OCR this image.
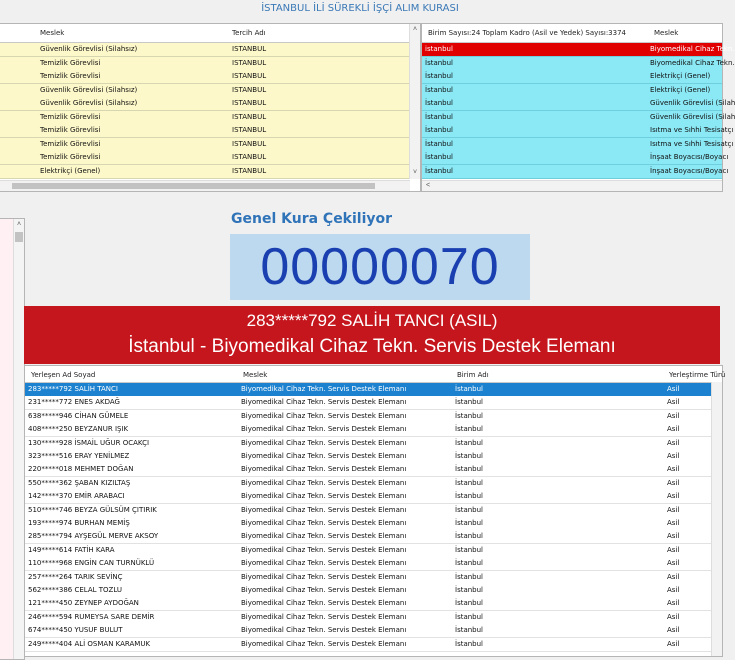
İSTANBUL İLİ SÜREKLİ İŞÇİ ALIM KURASI
Meslek	Tercih Adı
Güvenlik Görevlisi (Silahsız)	ISTANBUL
Temizlik Görevlisi	ISTANBUL
Temizlik Görevlisi	ISTANBUL
Güvenlik Görevlisi (Silahsız)	ISTANBUL
Güvenlik Görevlisi (Silahsız)	ISTANBUL
Temizlik Görevlisi	ISTANBUL
Temizlik Görevlisi	ISTANBUL
Temizlik Görevlisi	ISTANBUL
Temizlik Görevlisi	ISTANBUL
Elektrikçi (Genel)	ISTANBUL
˄
˅
Birim Sayısı:24 Toplam Kadro (Asil ve Yedek) Sayısı:3374	Meslek
istanbul	Biyomedikal Cihaz Tekn.
İstanbul	Biyomedikal Cihaz Tekn.
İstanbul	Elektrikçi (Genel)
İstanbul	Elektrikçi (Genel)
İstanbul	Güvenlik Görevlisi (Silah
İstanbul	Güvenlik Görevlisi (Silah
İstanbul	Isıtma ve Sıhhi Tesisatçı
İstanbul	Isıtma ve Sıhhi Tesisatçı
İstanbul	İnşaat Boyacısı/Boyacı
İstanbul	İnşaat Boyacısı/Boyacı
<
˄	Genel Kura Çekiliyor
00000070
283*****792 SALİH TANCI (ASIL)
İstanbul - Biyomedikal Cihaz Tekn. Servis Destek Elemanı
Yerleşen Ad Soyad	Meslek	Birim Adı	Yerleştirme Türü
283*****792 SALİH TANCI	Biyomedikal Cihaz Tekn. Servis Destek Elemanı	İstanbul	Asil
231*****772 ENES AKDAĞ	Biyomedikal Cihaz Tekn. Servis Destek Elemanı	İstanbul	Asil
638*****946 CİHAN GÜMELE	Biyomedikal Cihaz Tekn. Servis Destek Elemanı	İstanbul	Asil
408*****250 BEYZANUR IŞIK	Biyomedikal Cihaz Tekn. Servis Destek Elemanı	İstanbul	Asil
130*****928 İSMAİL UĞUR OCAKÇI	Biyomedikal Cihaz Tekn. Servis Destek Elemanı	İstanbul	Asil
323*****516 ERAY YENİLMEZ	Biyomedikal Cihaz Tekn. Servis Destek Elemanı	İstanbul	Asil
220*****018 MEHMET DOĞAN	Biyomedikal Cihaz Tekn. Servis Destek Elemanı	İstanbul	Asil
550*****362 ŞABAN KIZILTAŞ	Biyomedikal Cihaz Tekn. Servis Destek Elemanı	İstanbul	Asil
142*****370 EMİR ARABACI	Biyomedikal Cihaz Tekn. Servis Destek Elemanı	İstanbul	Asil
510*****746 BEYZA GÜLSÜM ÇITIRIK	Biyomedikal Cihaz Tekn. Servis Destek Elemanı	İstanbul	Asil
193*****974 BURHAN MEMİŞ	Biyomedikal Cihaz Tekn. Servis Destek Elemanı	İstanbul	Asil
285*****794 AYŞEGÜL MERVE AKSOY	Biyomedikal Cihaz Tekn. Servis Destek Elemanı	İstanbul	Asil
149*****614 FATİH KARA	Biyomedikal Cihaz Tekn. Servis Destek Elemanı	İstanbul	Asil
110*****968 ENGİN CAN TURNÜKLÜ	Biyomedikal Cihaz Tekn. Servis Destek Elemanı	İstanbul	Asil
257*****264 TARIK SEVİNÇ	Biyomedikal Cihaz Tekn. Servis Destek Elemanı	İstanbul	Asil
562*****386 CELAL TOZLU	Biyomedikal Cihaz Tekn. Servis Destek Elemanı	İstanbul	Asil
121*****450 ZEYNEP AYDOĞAN	Biyomedikal Cihaz Tekn. Servis Destek Elemanı	İstanbul	Asil
246*****594 RUMEYSA SARE DEMİR	Biyomedikal Cihaz Tekn. Servis Destek Elemanı	İstanbul	Asil
674*****450 YUSUF BULUT	Biyomedikal Cihaz Tekn. Servis Destek Elemanı	İstanbul	Asil
249*****404 ALİ OSMAN KARAMUK	Biyomedikal Cihaz Tekn. Servis Destek Elemanı	İstanbul	Asil
